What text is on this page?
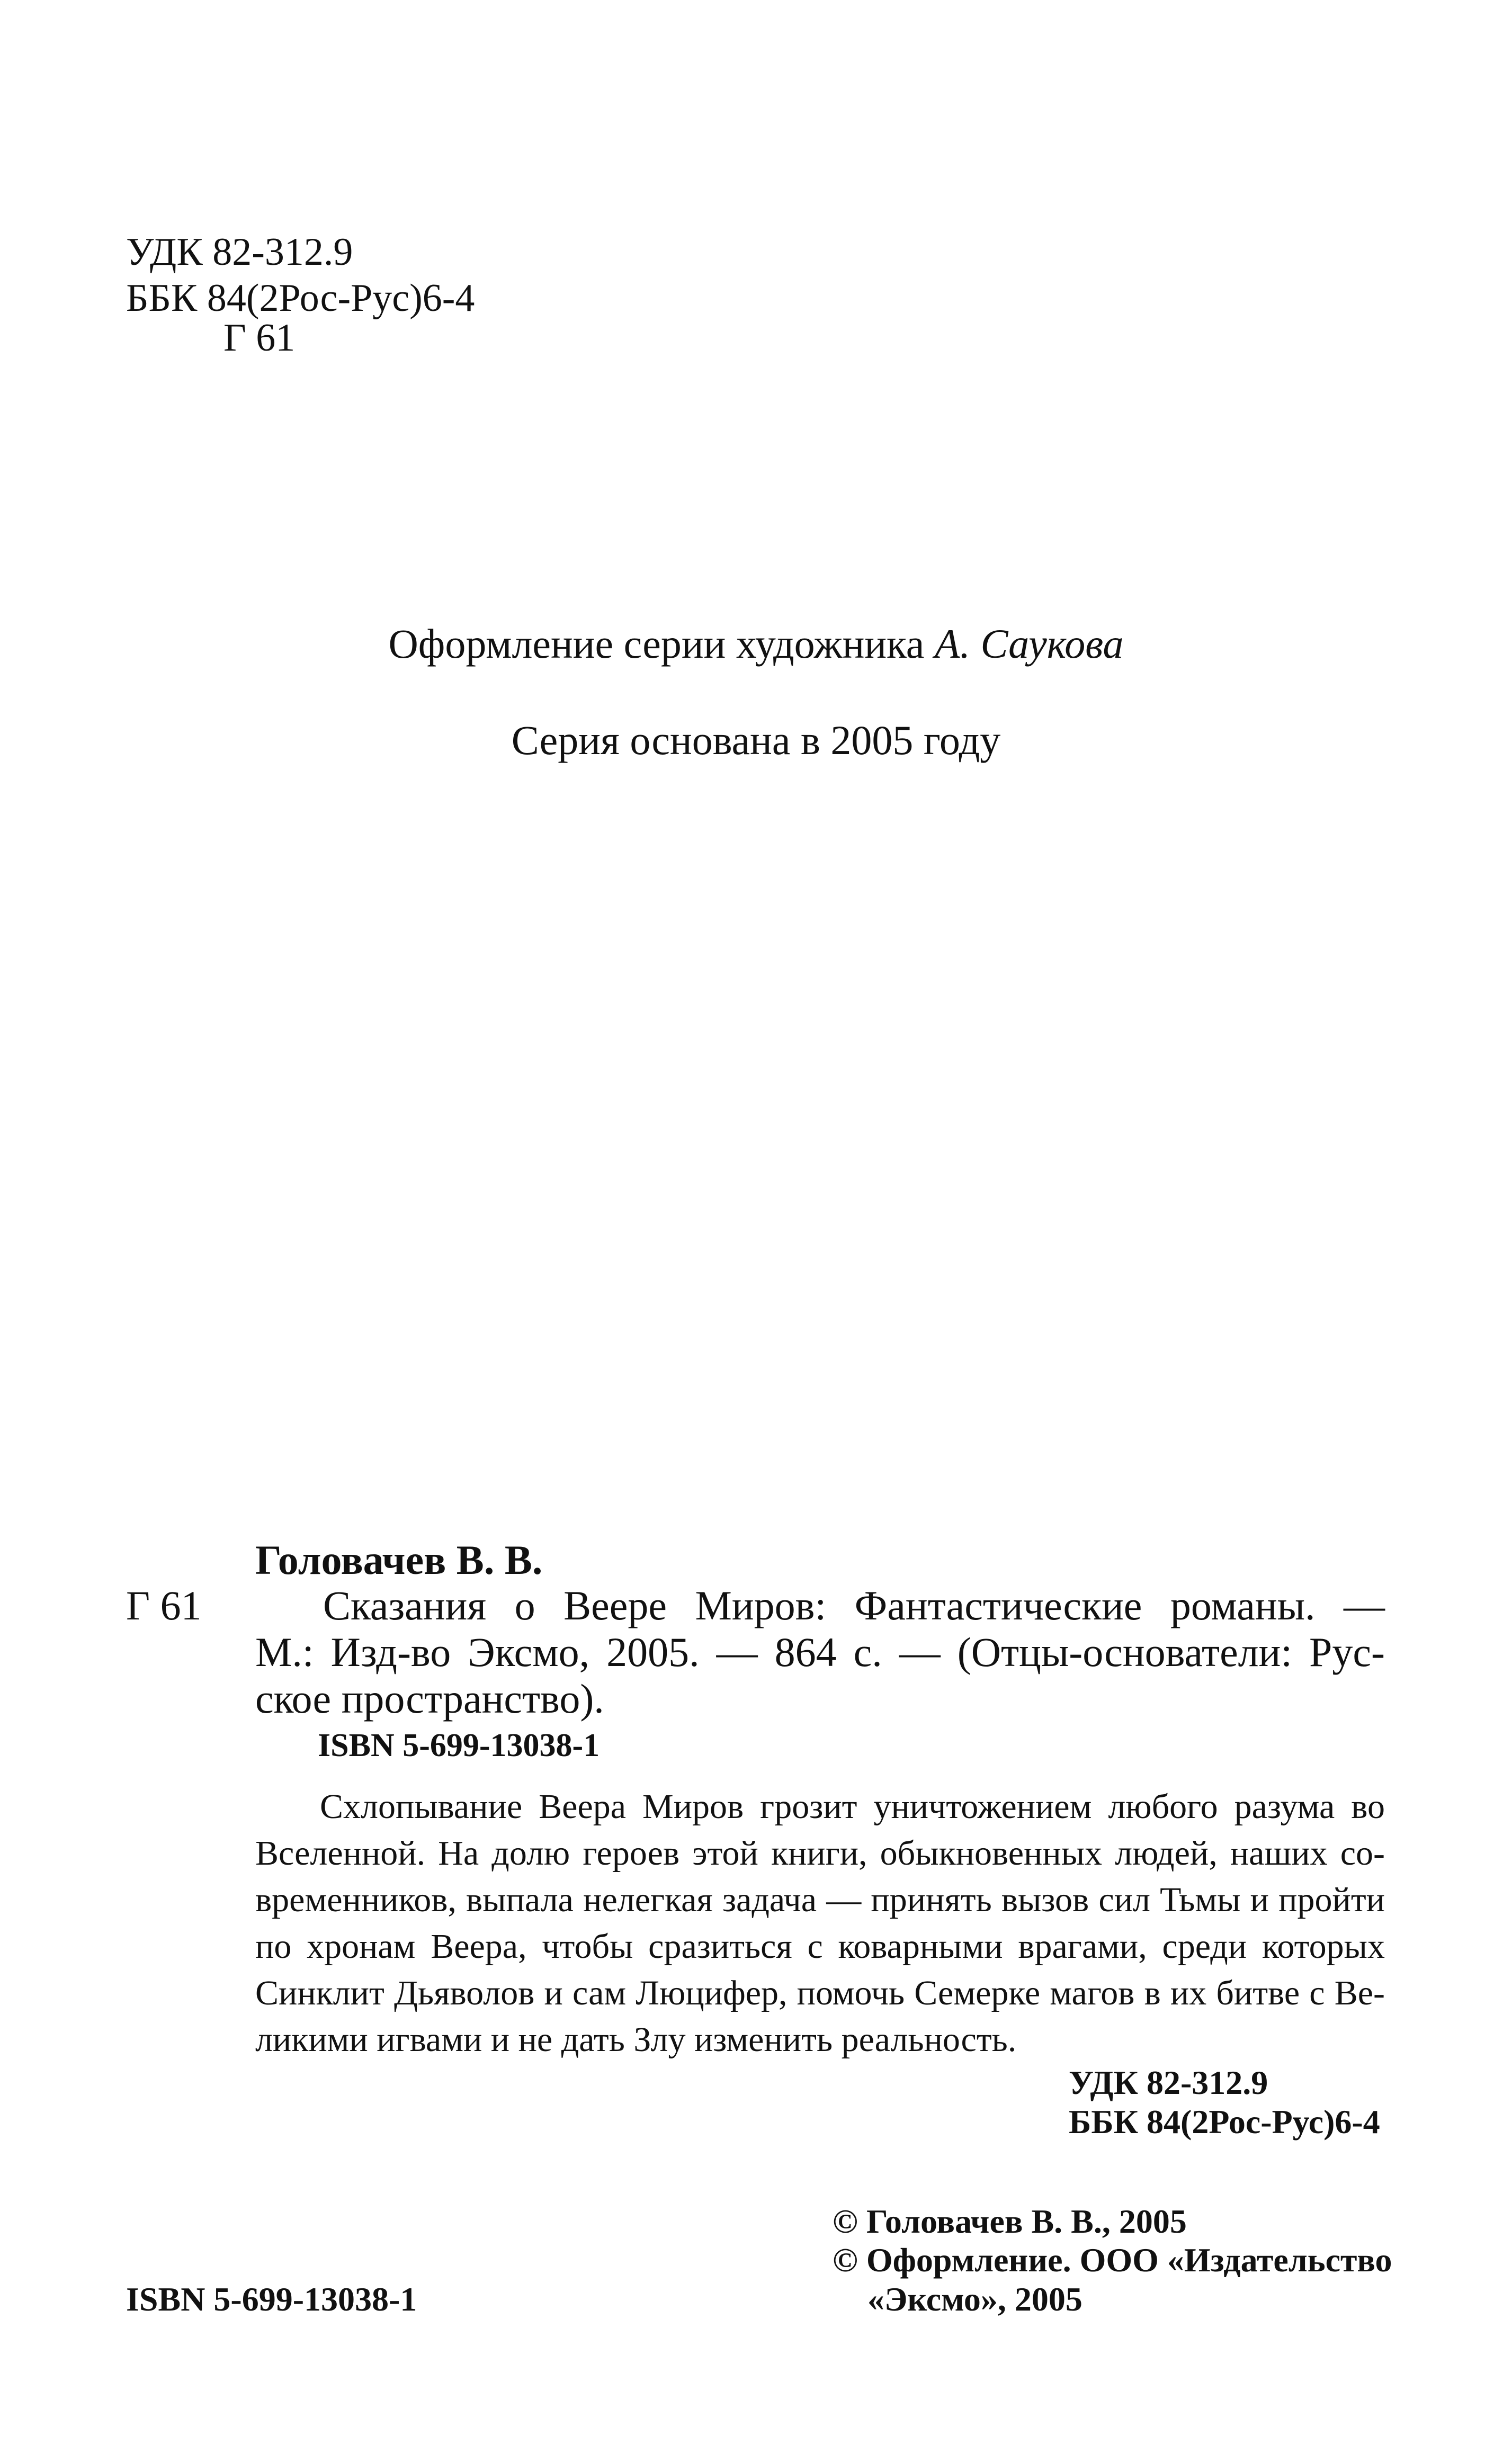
УДК 82-312.9
ББК 84(2Рос-Рус)6-4
Г 61
Оформление серии художника А. Саукова
Серия основана в 2005 году
Головачев В. В.
Г 61	Сказания о Веере Миров: Фантастические романы. —
М.: Изд-во Эксмо, 2005. — 864 с. — (Отцы-основатели: Рус-
ское пространство).
ISBN 5-699-13038-1
Схлопывание Веера Миров грозит уничтожением любого разума во
Вселенной. На долю героев этой книги, обыкновенных людей, наших со-
временников, выпала нелегкая задача — принять вызов сил Тьмы и пройти
по хронам Веера, чтобы сразиться с коварными врагами, среди которых
Синклит Дьяволов и сам Люцифер, помочь Семерке магов в их битве с Ве-
ликими игвами и не дать Злу изменить реальность.
УДК 82-312.9
ББК 84(2Рос-Рус)6-4
© Головачев В. В., 2005
© Оформление. ООО «Издательство
«Эксмо», 2005
ISBN 5-699-13038-1
